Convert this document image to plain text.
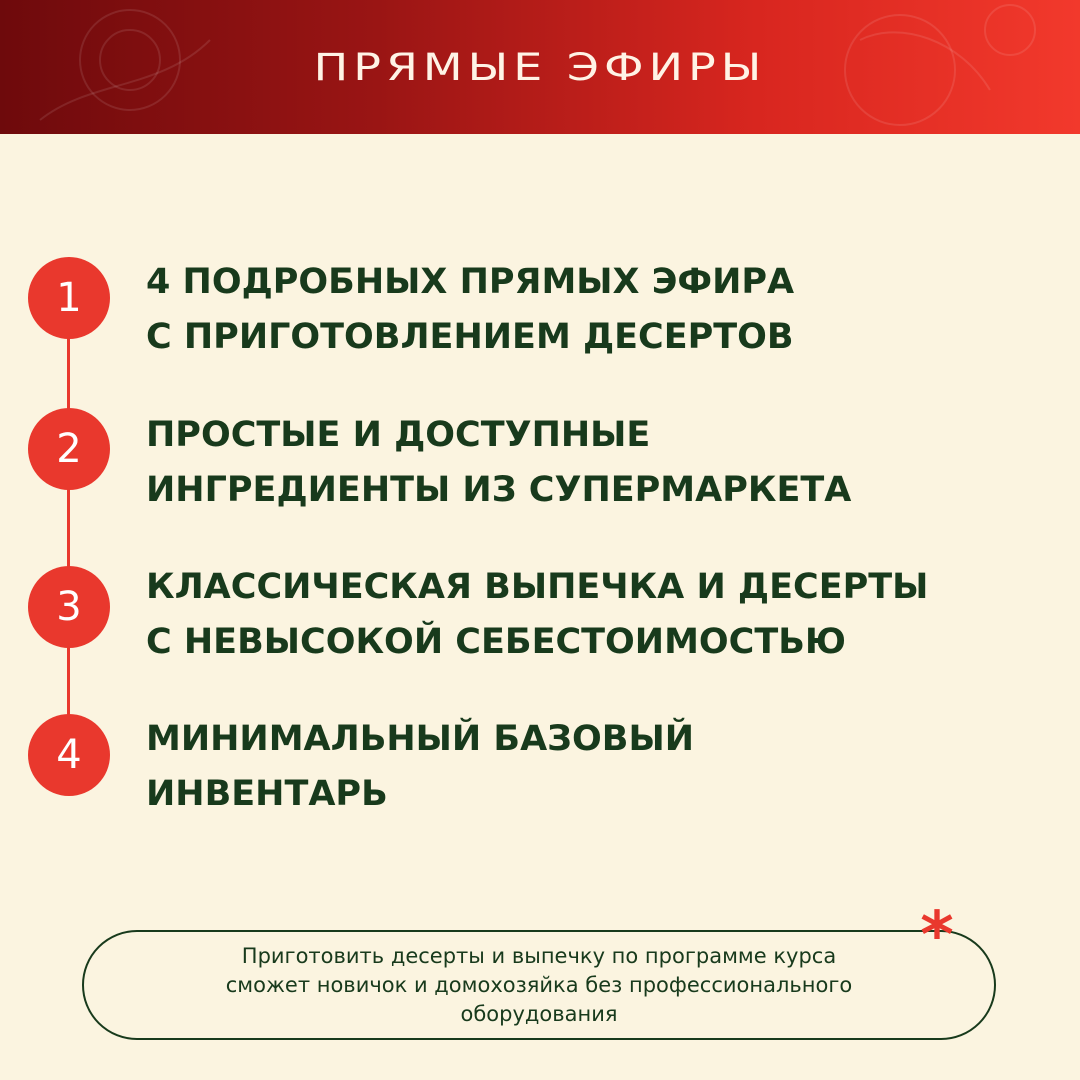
ПРЯМЫЕ ЭФИРЫ
1	4 ПОДРОБНЫХ ПРЯМЫХ ЭФИРА
С ПРИГОТОВЛЕНИЕМ ДЕСЕРТОВ
2	ПРОСТЫЕ И ДОСТУПНЫЕ
ИНГРЕДИЕНТЫ ИЗ СУПЕРМАРКЕТА
3	КЛАССИЧЕСКАЯ ВЫПЕЧКА И ДЕСЕРТЫ
С НЕВЫСОКОЙ СЕБЕСТОИМОСТЬЮ
4	МИНИМАЛЬНЫЙ БАЗОВЫЙ
ИНВЕНТАРЬ
Приготовить десерты и выпечку по программе курса
сможет новичок и домохозяйка без профессионального
оборудования
*
